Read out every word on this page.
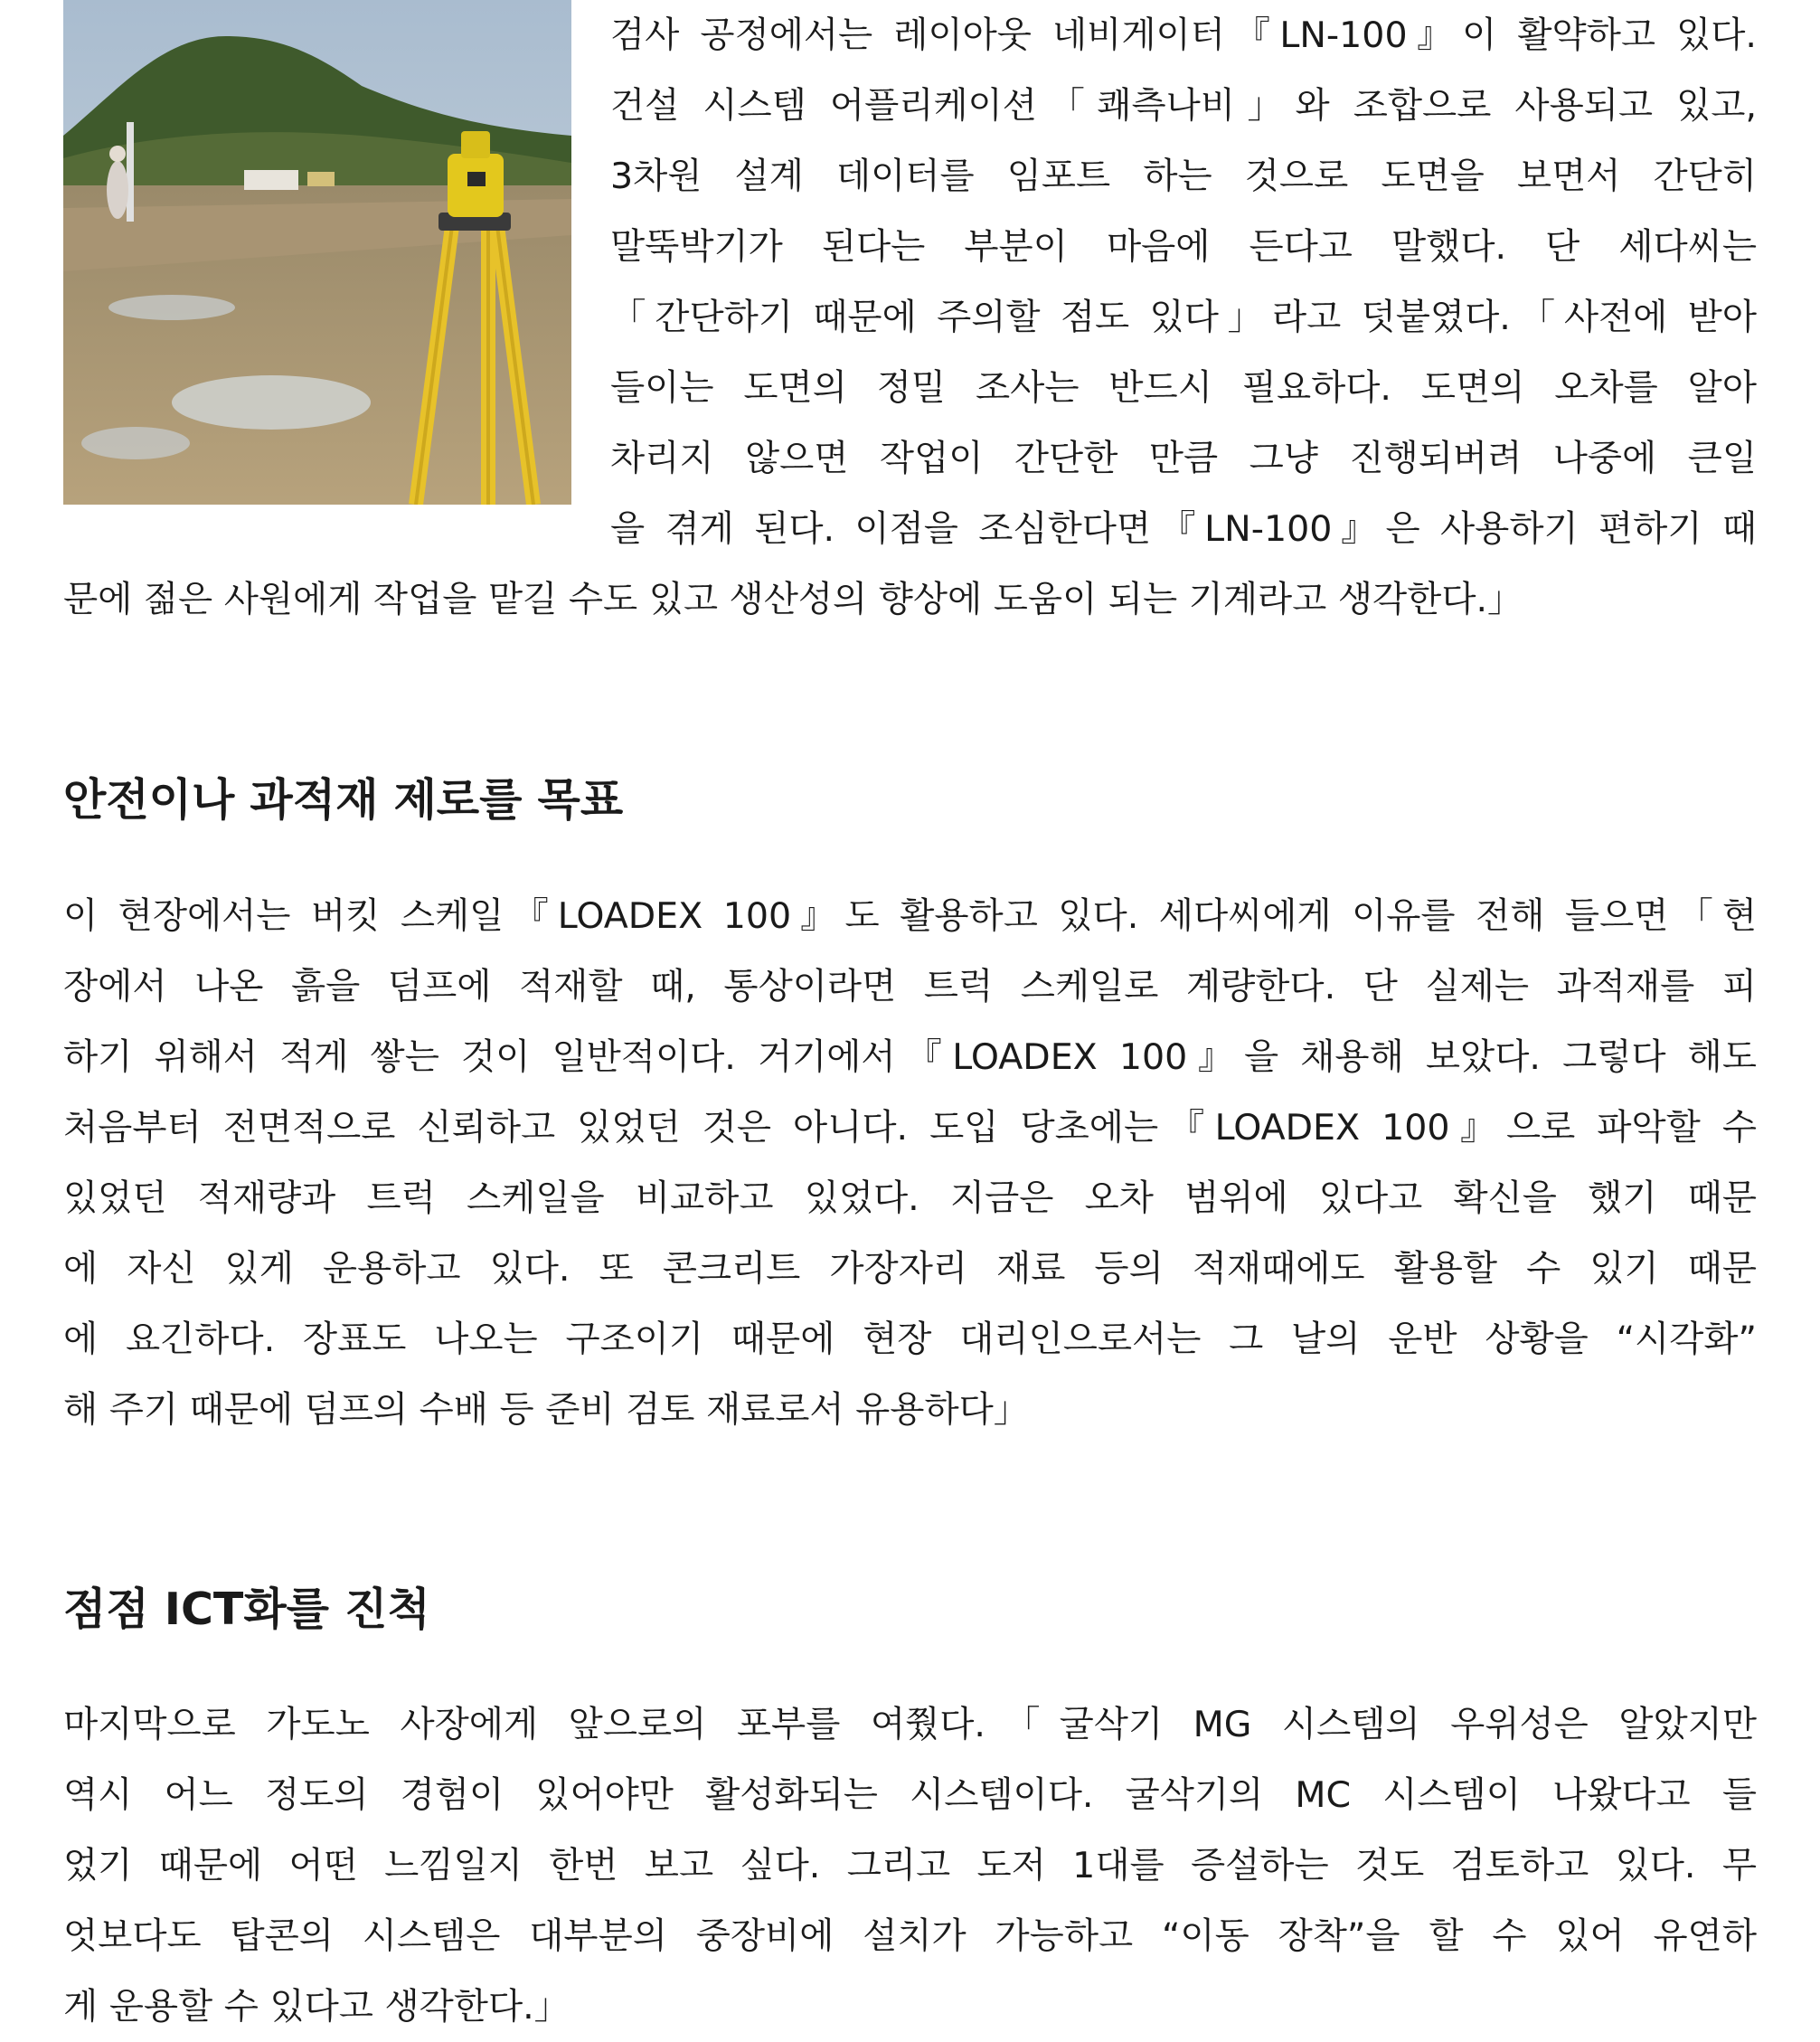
검사 공정에서는 레이아웃 네비게이터『LN-100』이 활약하고 있다.
건설 시스템 어플리케이션「쾌측나비」와 조합으로 사용되고 있고,
3차원 설계 데이터를 임포트 하는 것으로 도면을 보면서 간단히
말뚝박기가 된다는 부분이 마음에 든다고 말했다. 단 세다씨는
「간단하기 때문에 주의할 점도 있다」라고 덧붙였다.「사전에 받아
들이는 도면의 정밀 조사는 반드시 필요하다. 도면의 오차를 알아
차리지 않으면 작업이 간단한 만큼 그냥 진행되버려 나중에 큰일
을 겪게 된다. 이점을 조심한다면『LN-100』은 사용하기 편하기 때
문에 젊은 사원에게 작업을 맡길 수도 있고 생산성의 향상에 도움이 되는 기계라고 생각한다.」
안전이나 과적재 제로를 목표
이 현장에서는 버킷 스케일『LOADEX 100』도 활용하고 있다. 세다씨에게 이유를 전해 들으면「현
장에서 나온 흙을 덤프에 적재할 때, 통상이라면 트럭 스케일로 계량한다. 단 실제는 과적재를 피
하기 위해서 적게 쌓는 것이 일반적이다. 거기에서『LOADEX 100』을 채용해 보았다. 그렇다 해도
처음부터 전면적으로 신뢰하고 있었던 것은 아니다. 도입 당초에는『LOADEX 100』으로 파악할 수
있었던 적재량과 트럭 스케일을 비교하고 있었다. 지금은 오차 범위에 있다고 확신을 했기 때문
에 자신 있게 운용하고 있다. 또 콘크리트 가장자리 재료 등의 적재때에도 활용할 수 있기 때문
에 요긴하다. 장표도 나오는 구조이기 때문에 현장 대리인으로서는 그 날의 운반 상황을 “시각화”
해 주기 때문에 덤프의 수배 등 준비 검토 재료로서 유용하다」
점점 ICT화를 진척
마지막으로 가도노 사장에게 앞으로의 포부를 여쭸다.「굴삭기 MG 시스템의 우위성은 알았지만
역시 어느 정도의 경험이 있어야만 활성화되는 시스템이다. 굴삭기의 MC 시스템이 나왔다고 들
었기 때문에 어떤 느낌일지 한번 보고 싶다. 그리고 도저 1대를 증설하는 것도 검토하고 있다. 무
엇보다도 탑콘의 시스템은 대부분의 중장비에 설치가 가능하고 “이동 장착”을 할 수 있어 유연하
게 운용할 수 있다고 생각한다.」
